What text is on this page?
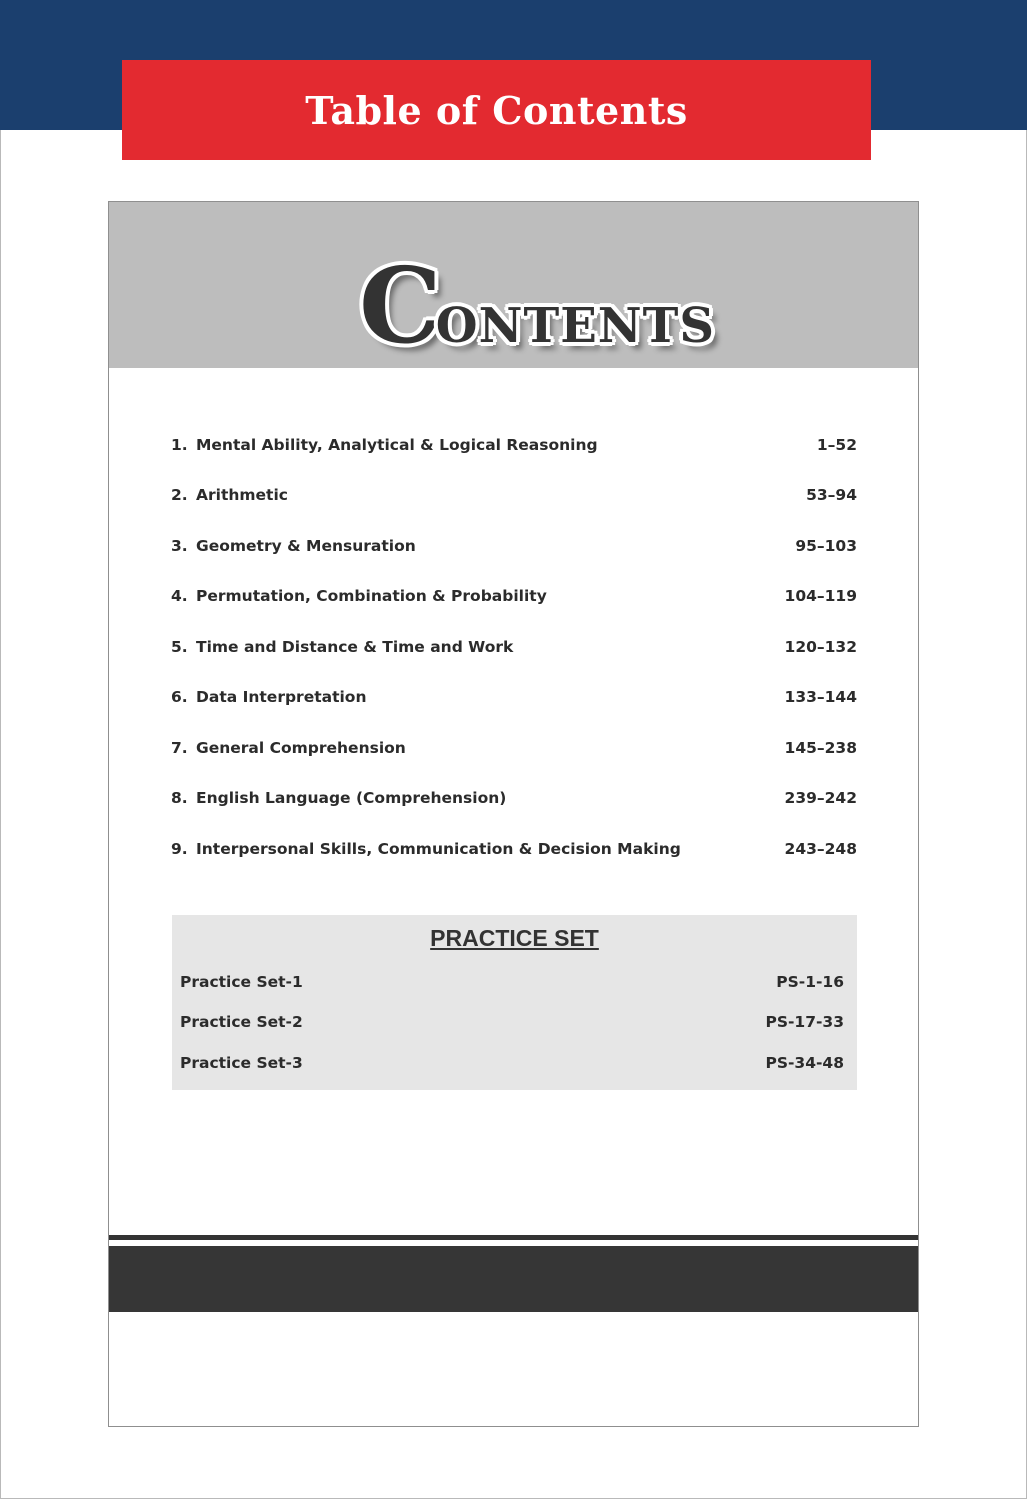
Table of Contents
CONTENTS
1. Mental Ability, Analytical & Logical Reasoning	1–52
2. Arithmetic	53–94
3. Geometry & Mensuration	95–103
4. Permutation, Combination & Probability	104–119
5. Time and Distance & Time and Work	120–132
6. Data Interpretation	133–144
7. General Comprehension	145–238
8. English Language (Comprehension)	239–242
9. Interpersonal Skills, Communication & Decision Making	243–248
PRACTICE SET
Practice Set-1	PS-1-16
Practice Set-2	PS-17-33
Practice Set-3	PS-34-48
